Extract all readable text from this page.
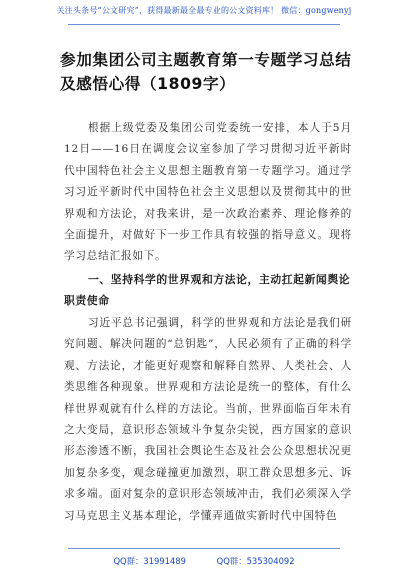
关注头条号“公文研究”，获得最新最全最专业的公文资料库！ 微信：gongwenyj
参加集团公司主题教育第一专题学习总结及感悟心得（1809字）
根据上级党委及集团公司党委统一安排，本人于5月12日——16日在调度会议室参加了学习贯彻习近平新时代中国特色社会主义思想主题教育第一专题学习。通过学习习近平新时代中国特色社会主义思想以及贯彻其中的世界观和方法论，对我来讲，是一次政治素养、理论修养的全面提升，对做好下一步工作具有较强的指导意义。现将学习总结汇报如下。
一、坚持科学的世界观和方法论，主动扛起新闻舆论职责使命
习近平总书记强调，科学的世界观和方法论是我们研究问题、解决问题的“总钥匙”，人民必须有了正确的科学观、方法论，才能更好观察和解释自然界、人类社会、人类思维各种现象。世界观和方法论是统一的整体，有什么样世界观就有什么样的方法论。当前，世界面临百年未有之大变局，意识形态领域斗争复杂尖锐，西方国家的意识形态渗透不断，我国社会舆论生态及社会公众思想状况更加复杂多变，观念碰撞更加激烈，职工群众思想多元、诉求多端。面对复杂的意识形态领域冲击，我们必须深入学习马克思主义基本理论，学懂弄通做实新时代中国特色
QQ群：31991489	QQ群：535304092
